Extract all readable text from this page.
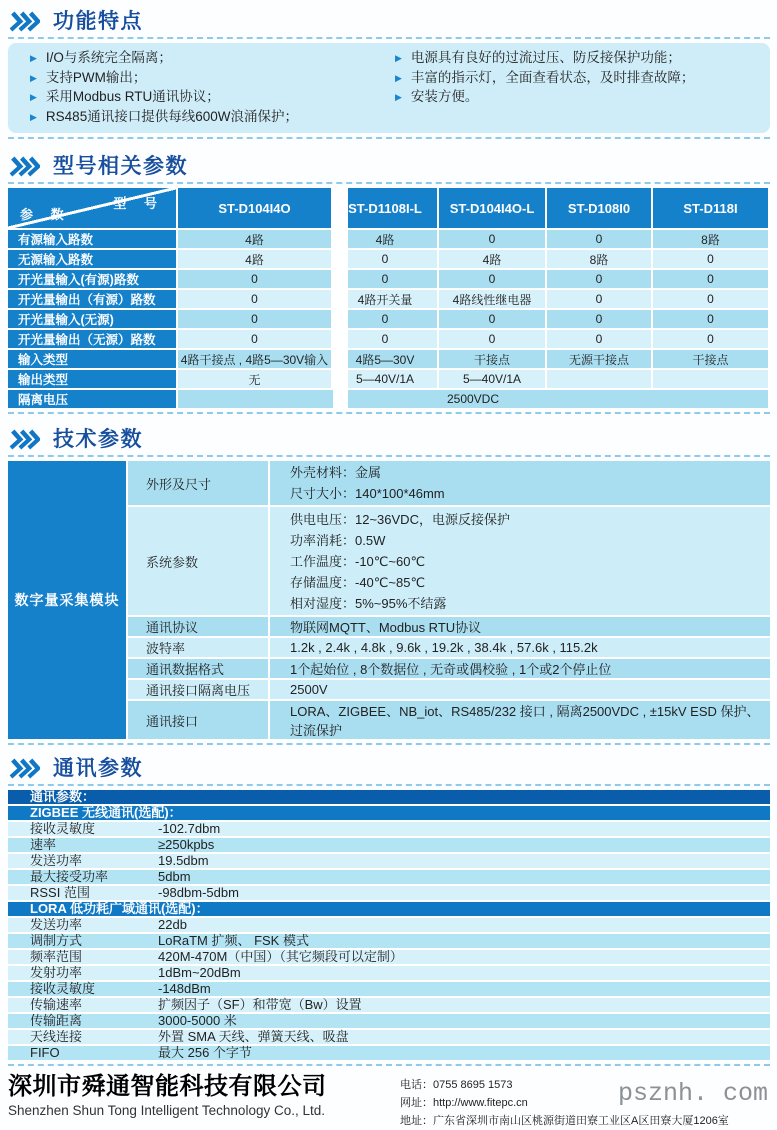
功能特点
▶ I/O与系统完全隔离；
▶ 支持PWM输出；
▶ 采用Modbus RTU通讯协议；
▶ RS485通讯接口提供每线600W浪涌保护；
▶ 电源具有良好的过流过压、防反接保护功能；
▶ 丰富的指示灯，全面查看状态，及时排查故障；
▶ 安装方便。
型号相关参数
型 号
参 数	ST-D104I4O	ST-D1108I-L	ST-D104I4O-L	ST-D108I0	ST-D118I
有源输入路数	4路	4路	0	0	8路
无源输入路数	4路	0	4路	8路	0
开光量输入(有源)路数	0	0	0	0	0
开光量输出（有源）路数	0	4路开关量	4路线性继电器	0	0
开光量输入(无源)	0	0	0	0	0
开光量输出（无源）路数	0	0	0	0	0
输入类型	4路干接点 , 4路5—30V输入	4路5—30V	干接点	无源干接点	干接点
输出类型	无	5—40V/1A	5—40V/1A		
隔离电压	2500VDC				
技术参数
数字量采集模块	外形及尺寸	外壳材料：金属
尺寸大小：140*100*46mm

	系统参数	供电电压：12~36VDC，电源反接保护
功率消耗：0.5W
工作温度：-10℃~60℃
存储温度：-40℃~85℃
相对湿度：5%~95%不结露

	通讯协议	物联网MQTT、Modbus RTU协议
	波特率	1.2k , 2.4k , 4.8k , 9.6k , 19.2k , 38.4k , 57.6k , 115.2k
	通讯数据格式	1个起始位 , 8个数据位 , 无奇或偶校验 , 1个或2个停止位
	通讯接口隔离电压	2500V
	通讯接口	LORA、ZIGBEE、NB_iot、RS485/232 接口 , 隔离2500VDC , ±15kV ESD 保护、过流保护
通讯参数
通讯参数：
ZIGBEE 无线通讯(选配)：
接收灵敏度	-102.7dbm
速率	≥250kpbs
发送功率	19.5dbm
最大接受功率	5dbm
RSSI 范围	-98dbm-5dbm
LORA 低功耗广域通讯(选配)：
发送功率	22db
调制方式	LoRaTM 扩频、 FSK 模式
频率范围	420M-470M（中国）（其它频段可以定制）
发射功率	1dBm~20dBm
接收灵敏度	-148dBm
传输速率	扩频因子（SF）和带宽（Bw）设置
传输距离	3000-5000 米
天线连接	外置 SMA 天线、弹簧天线、吸盘
FIFO	最大 256 个字节
深圳市舜通智能科技有限公司
Shenzhen Shun Tong Intelligent Technology Co., Ltd.
电话：0755 8695 1573
网址：http://www.fitepc.cn
地址：广东省深圳市南山区桃源街道田寮工业区A区田寮大厦1206室
psznh. com
